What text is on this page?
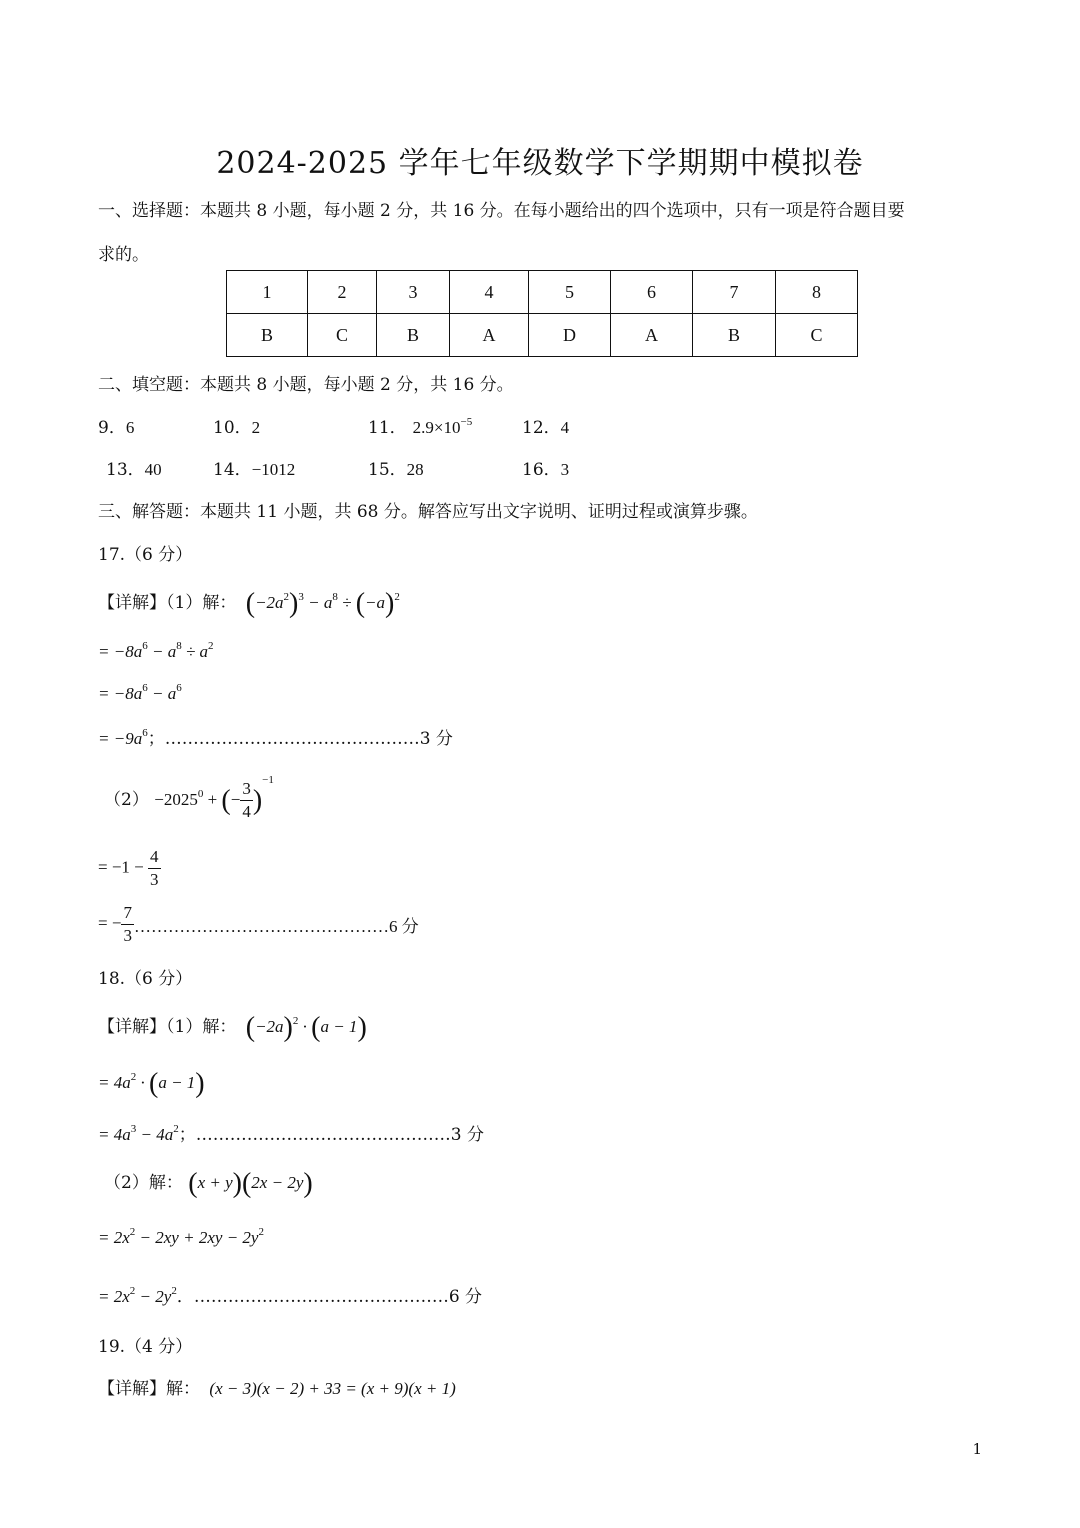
2024-2025 学年七年级数学下学期期中模拟卷
一、选择题：本题共 8 小题，每小题 2 分，共 16 分。在每小题给出的四个选项中，只有一项是符合题目要
求的。
1	2	3	4	5	6	7	8
B	C	B	A	D	A	B	C
二、填空题：本题共 8 小题，每小题 2 分，共 16 分。
9．6	10．2	11． $2.9\times 10^{-5}$	12．4
13．40	14．−1012	15．28	16．3
三、解答题：本题共 11 小题，共 68 分。解答应写出文字说明、证明过程或演算步骤。
17.（6 分）
【详解】（1）解： $(-2a^2)^3 - a^8 \div (-a)^2$
= $-8a^6 - a^8 \div a^2$
= $-8a^6 - a^6$
= $-9a^6$；………………………………………3 分
$(2) -2025^0$ + (− $\frac{3}{4} )^{-1}$
= $-1 - \frac{4}{3}$
= − $\frac{7}{3}$ ………………………………………6 分
18.（6 分）
【详解】（1）解： $(-2a)^2 \cdot (a - 1)$
= $4a^2 \cdot (a - 1)$
= $4a^3 - 4a^2$；………………………………………3 分
（2）解： (x + y)(2x − 2y)
= $2x^2 - 2xy + 2xy - 2y^2$
= $2x^2 - 2y^2$．………………………………………6 分
19.（4 分）
【详解】解： (x − 3)(x − 2) + 33 = (x + 9)(x + 1)
1
